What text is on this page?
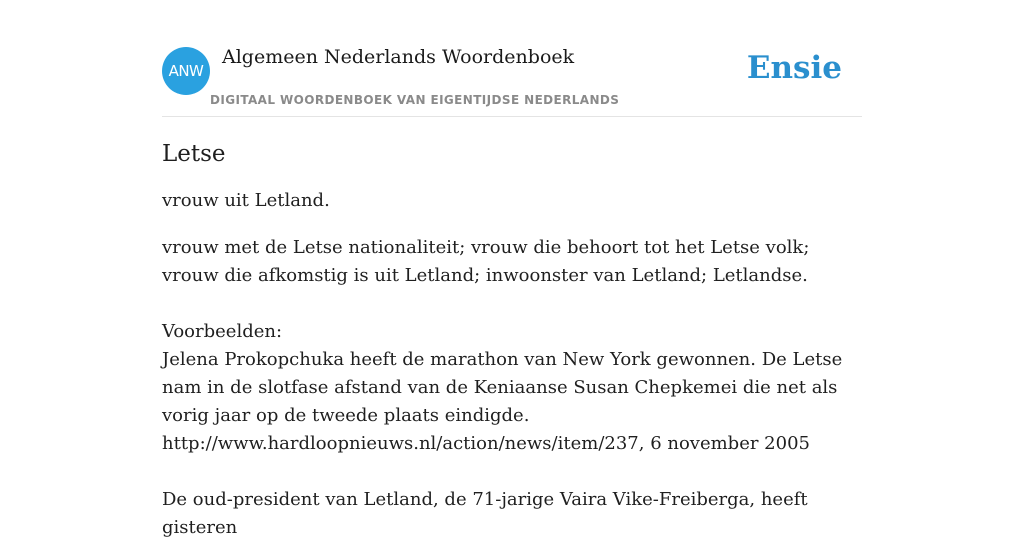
ANW
Algemeen Nederlands Woordenboek
DIGITAAL WOORDENBOEK VAN EIGENTIJDSE NEDERLANDS
Ensie
Letse

vrouw uit Letland.

vrouw met de Letse nationaliteit; vrouw die behoort tot het Letse volk; vrouw die afkomstig is uit Letland; inwoonster van Letland; Letlandse.

Voorbeelden:
Jelena Prokopchuka heeft de marathon van New York gewonnen. De Letse nam in de slotfase afstand van de Keniaanse Susan Chepkemei die net als vorig jaar op de tweede plaats eindigde.
http://www.hardloopnieuws.nl/action/news/item/237, 6 november 2005

De oud-president van Letland, de 71-jarige Vaira Vike-Freiberga, heeft gisteren
